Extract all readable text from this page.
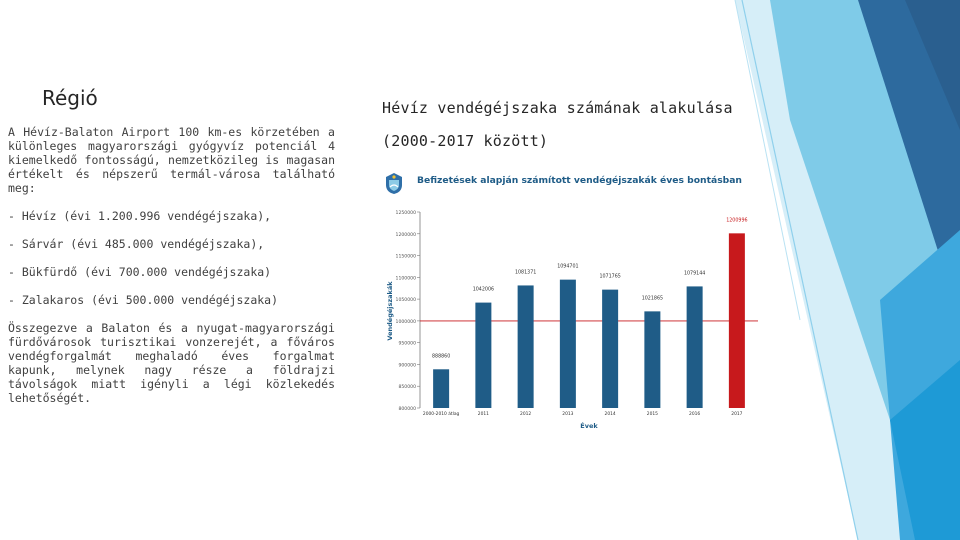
Régió

A Hévíz-Balaton Airport 100 km-es körzetében a különleges magyarországi gyógyvíz potenciál 4 kiemelkedő fontosságú, nemzetközileg is magasan értékelt és népszerű termál-városa található meg:

- Hévíz (évi 1.200.996 vendégéjszaka),

- Sárvár (évi 485.000 vendégéjszaka),

- Bükfürdő (évi 700.000 vendégéjszaka)

- Zalakaros (évi 500.000 vendégéjszaka)

Összegezve a Balaton és a nyugat-magyarországi fürdővárosok turisztikai vonzerejét, a főváros vendégforgalmát meghaladó éves forgalmat kapunk, melynek nagy része a földrajzi távolságok miatt igényli a légi közlekedés lehetőségét.

Hévíz vendégéjszaka számának alakulása (2000-2017 között)
Befizetések alapján számított vendégéjszakák éves bontásban
800000
850000
900000
950000
1000000
1050000
1100000
1150000
1200000
1250000
888860
2000-2010 átlag
1042006
2011
1081371
2012
1094701
2013
1071765
2014
1021865
2015
1079144
2016
1200996
2017
Évek
Vendégéjszakák
